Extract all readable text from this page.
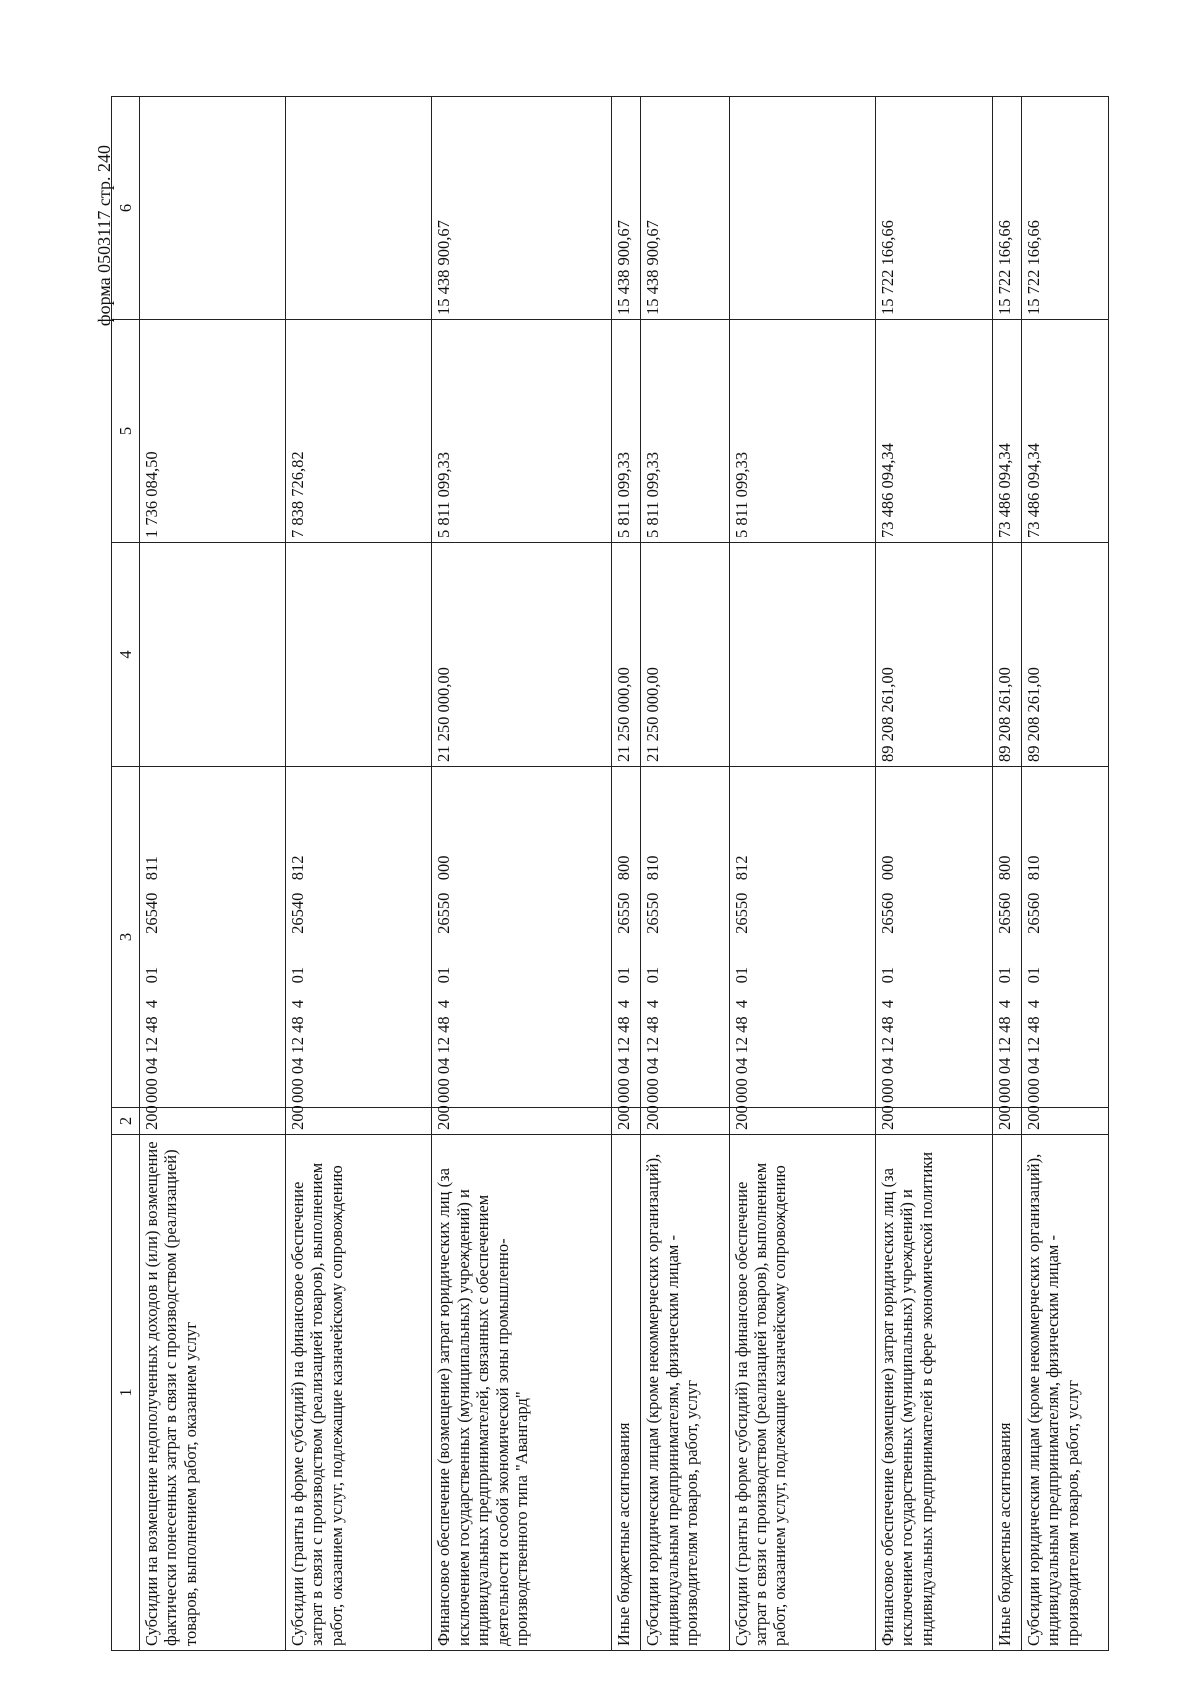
форма 0503117 стр. 240
1	2	3	4	5	6
Субсидии на возмещение недополученных доходов и (или) возмещение фактически понесенных затрат в связи с производством (реализацией) товаров, выполнением работ, оказанием услуг	200	000 04 12 48  4    01        26540   811		1 736 084,50	
Субсидии (гранты в форме субсидий) на финансовое обеспечение затрат в связи с производством (реализацией товаров), выполнением работ, оказанием услуг, подлежащие казначейскому сопровождению	200	000 04 12 48  4    01        26540   812		7 838 726,82	
Финансовое обеспечение (возмещение) затрат юридических лиц (за исключением государственных (муниципальных) учреждений) и индивидуальных предпринимателей, связанных с обеспечением деятельности особой экономической зоны промышленно-производственного типа "Авангард"	200	000 04 12 48  4    01        26550   000	21 250 000,00	5 811 099,33	15 438 900,67
Иные бюджетные ассигнования	200	000 04 12 48  4    01        26550   800	21 250 000,00	5 811 099,33	15 438 900,67
Субсидии юридическим лицам (кроме некоммерческих организаций), индивидуальным предпринимателям, физическим лицам - производителям товаров, работ, услуг	200	000 04 12 48  4    01        26550   810	21 250 000,00	5 811 099,33	15 438 900,67
Субсидии (гранты в форме субсидий) на финансовое обеспечение затрат в связи с производством (реализацией товаров), выполнением работ, оказанием услуг, подлежащие казначейскому сопровождению	200	000 04 12 48  4    01        26550   812		5 811 099,33	
Финансовое обеспечение (возмещение) затрат юридических лиц (за исключением государственных (муниципальных) учреждений) и индивидуальных предпринимателей в сфере экономической политики	200	000 04 12 48  4    01        26560   000	89 208 261,00	73 486 094,34	15 722 166,66
Иные бюджетные ассигнования	200	000 04 12 48  4    01        26560   800	89 208 261,00	73 486 094,34	15 722 166,66
Субсидии юридическим лицам (кроме некоммерческих организаций), индивидуальным предпринимателям, физическим лицам - производителям товаров, работ, услуг	200	000 04 12 48  4    01        26560   810	89 208 261,00	73 486 094,34	15 722 166,66
